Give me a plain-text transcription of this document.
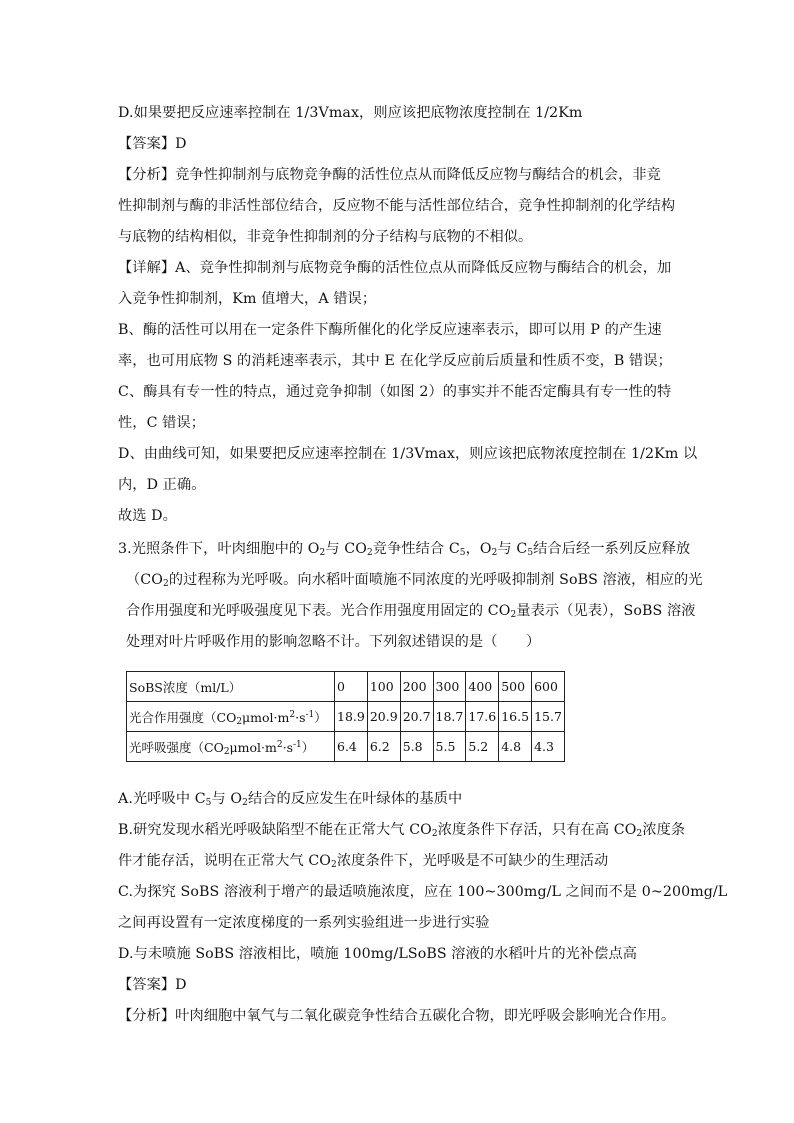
D.如果要把反应速率控制在 1/3Vmax，则应该把底物浓度控制在 1/2Km
【答案】D
【分析】竞争性抑制剂与底物竞争酶的活性位点从而降低反应物与酶结合的机会，非竞
性抑制剂与酶的非活性部位结合，反应物不能与活性部位结合，竞争性抑制剂的化学结构
与底物的结构相似，非竞争性抑制剂的分子结构与底物的不相似。
【详解】A、竞争性抑制剂与底物竞争酶的活性位点从而降低反应物与酶结合的机会，加
入竞争性抑制剂，Km 值增大，A 错误；
B、酶的活性可以用在一定条件下酶所催化的化学反应速率表示，即可以用 P 的产生速
率，也可用底物 S 的消耗速率表示，其中 E 在化学反应前后质量和性质不变，B 错误；
C、酶具有专一性的特点，通过竞争抑制（如图 2）的事实并不能否定酶具有专一性的特
性，C 错误；
D、由曲线可知，如果要把反应速率控制在 1/3Vmax，则应该把底物浓度控制在 1/2Km 以
内，D 正确。
故选 D。
3.光照条件下，叶肉细胞中的 $O_2$与 $CO_2$竞争性结合 $C_5$，$O_2$与 $C_5$结合后经一系列反应释放
（$CO_2$的过程称为光呼吸。向水稻叶面喷施不同浓度的光呼吸抑制剂 SoBS 溶液，相应的光
合作用强度和光呼吸强度见下表。光合作用强度用固定的 $CO_2$量表示（见表），SoBS 溶液
处理对叶片呼吸作用的影响忽略不计。下列叙述错误的是（　　）
SoBS浓度（ml/L）	0	100	200	300	400	500	600
光合作用强度$(CO_2\mu mol\cdot m^2\cdot s^{-1})$	18.9	20.9	20.7	18.7	17.6	16.5	15.7
光呼吸强度$(CO_2\mu mol\cdot m^2\cdot s^{-1})$	6.4	6.2	5.8	5.5	5.2	4.8	4.3
A.光呼吸中 $C_5$与 $O_2$结合的反应发生在叶绿体的基质中
B.研究发现水稻光呼吸缺陷型不能在正常大气 $CO_2$浓度条件下存活，只有在高 $CO_2$浓度条
件才能存活，说明在正常大气 $CO_2$浓度条件下，光呼吸是不可缺少的生理活动
C.为探究 SoBS 溶液利于增产的最适喷施浓度，应在 100~300mg/L 之间而不是 0~200mg/L
之间再设置有一定浓度梯度的一系列实验组进一步进行实验
D.与未喷施 SoBS 溶液相比，喷施 100mg/LSoBS 溶液的水稻叶片的光补偿点高
【答案】D
【分析】叶肉细胞中氧气与二氧化碳竞争性结合五碳化合物，即光呼吸会影响光合作用。
